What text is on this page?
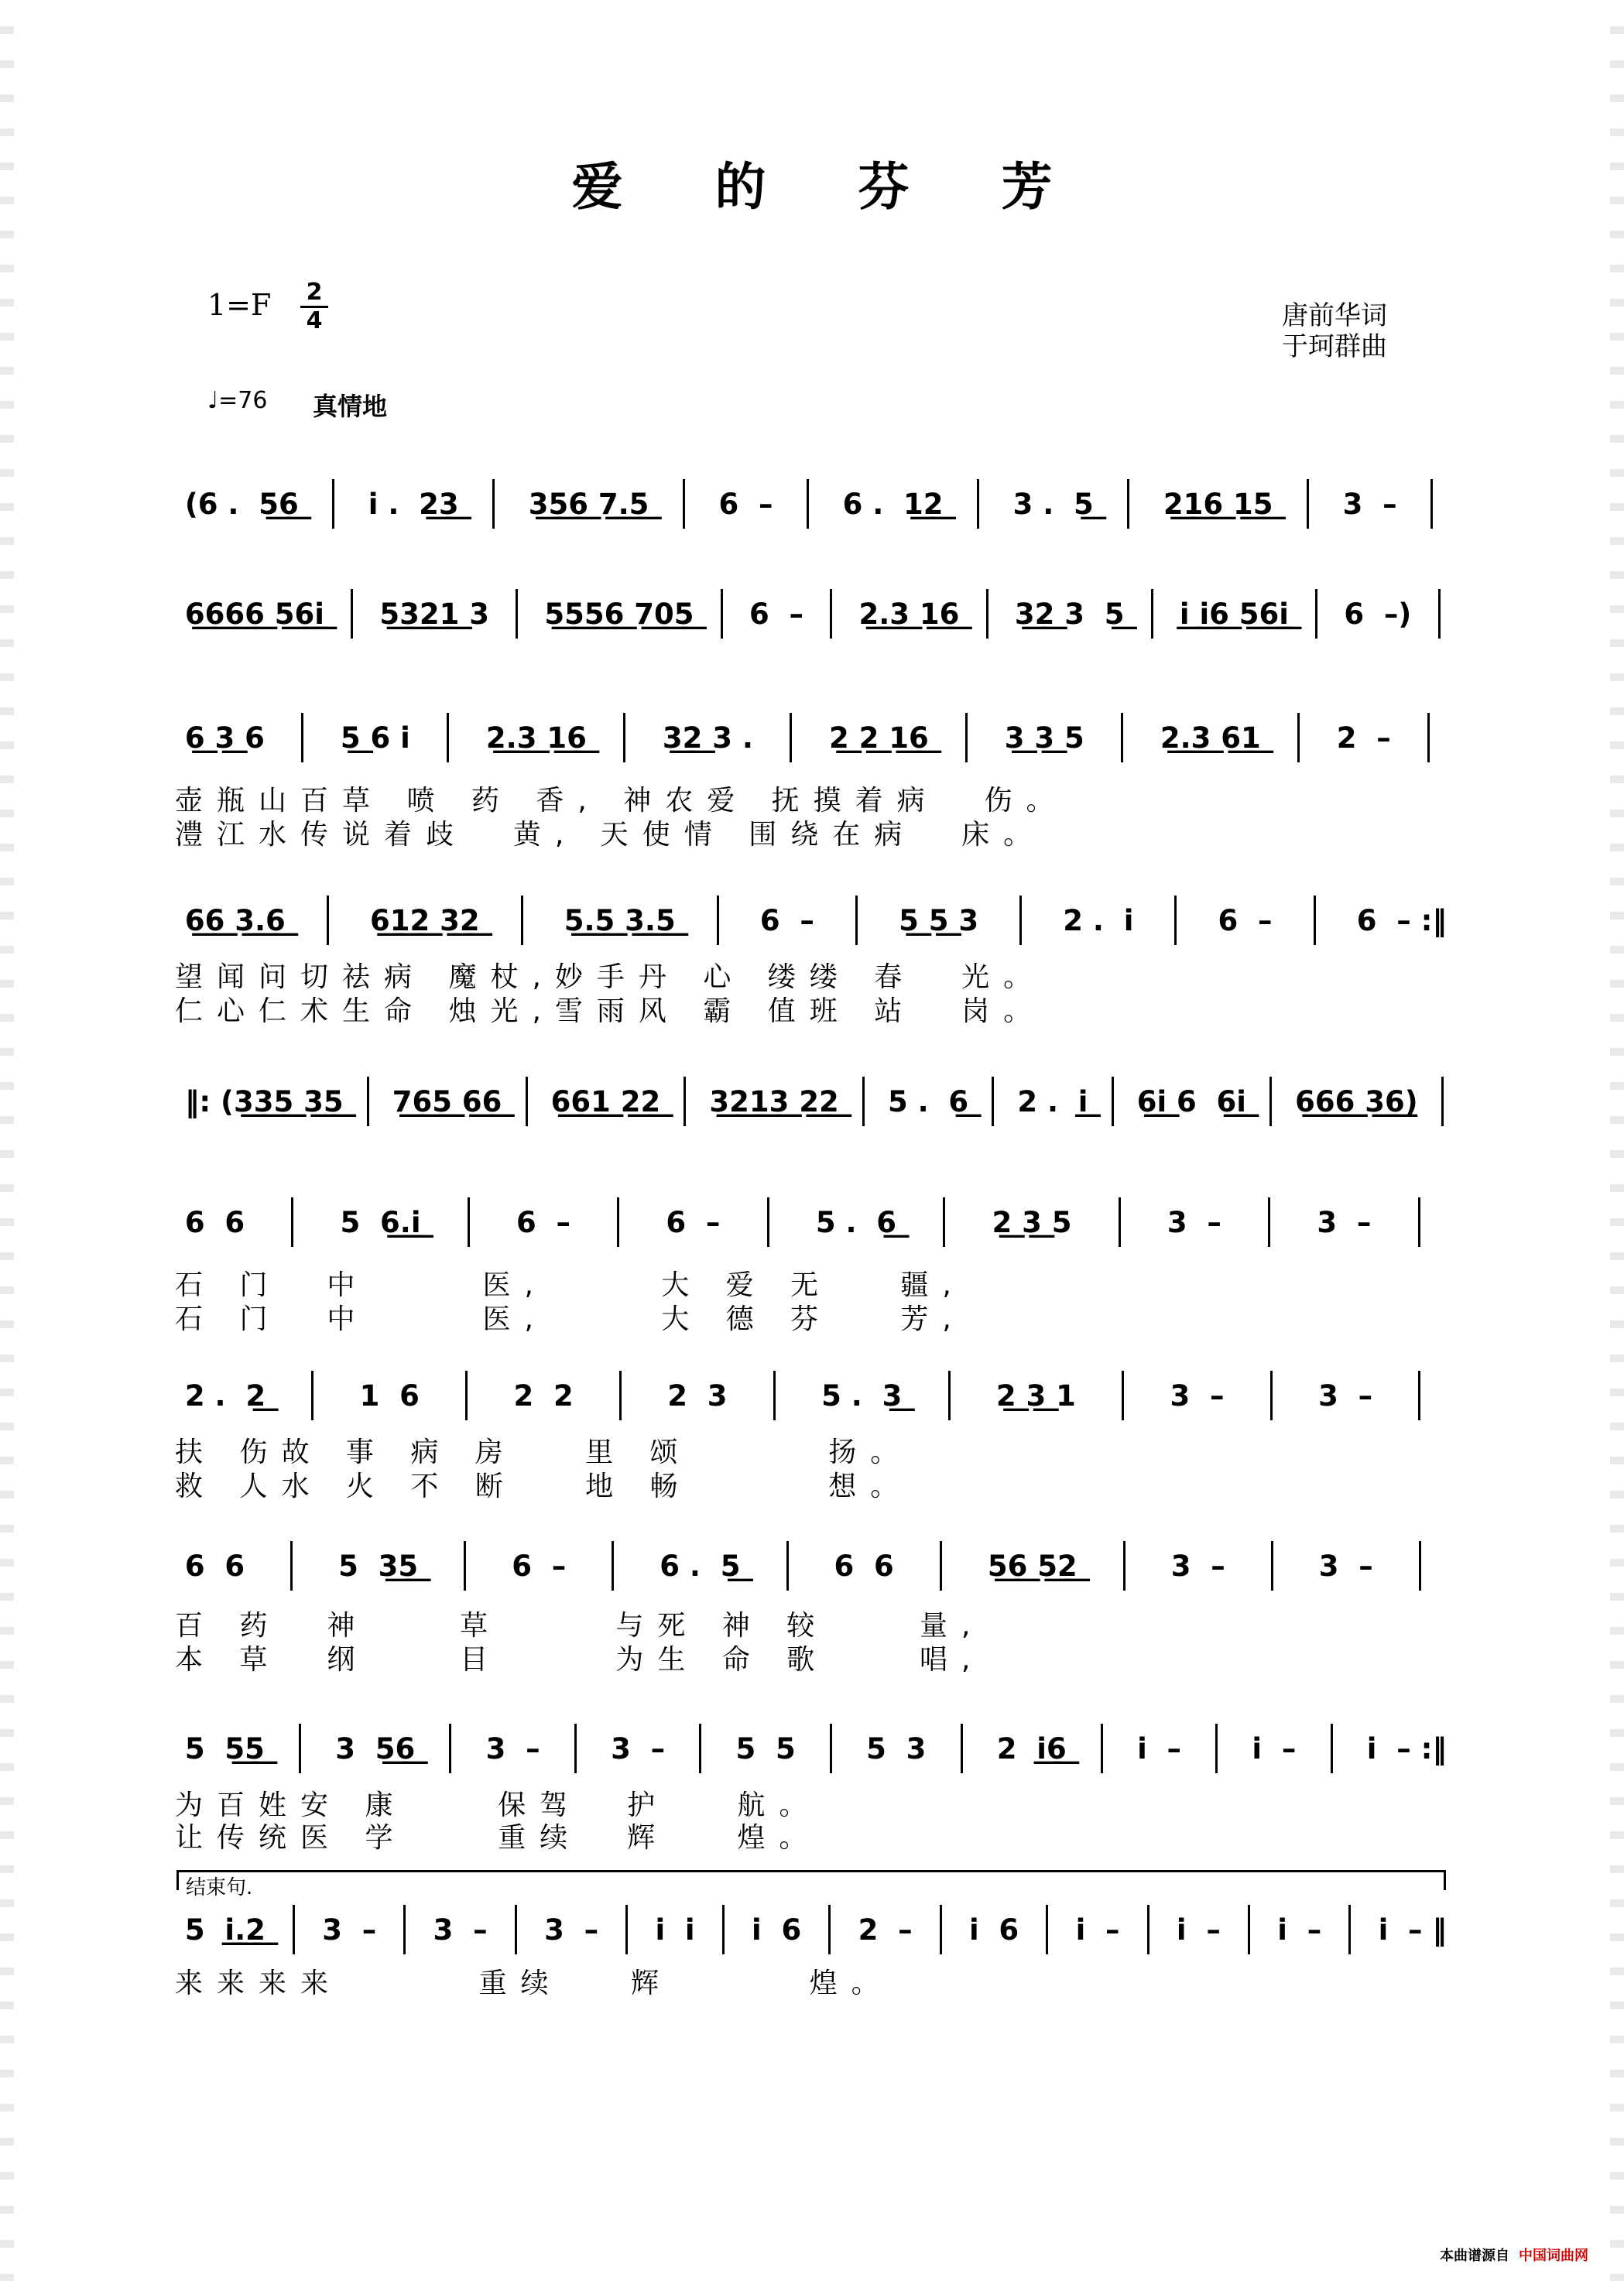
爱 的 芬 芳
1=F 2
4	唐前华词
于珂群曲
♩=76 真情地
(6 .  5͟6͟ i .  2͟3͟ 3͟5͟6͟ 7͟.͟5͟ 6  – 6 .  1͟2͟ 3 .  5͟ 2͟1͟6͟ 1͟5͟ 3  –
6͟6͟6͟6͟ 5͟6͟i͟ 5͟3͟2͟1͟ 3 5͟5͟5͟6͟ 7͟0͟5͟ 6  – 2͟.͟3͟ 1͟6͟ 3͟2͟ 3  5͟ i͟ i͟6͟ 5͟6͟i͟ 6  –)
6͟ 3͟ 6 5͟ 6 i 2͟.͟3͟ 1͟6͟ 3͟2͟ 3 . 2͟ 2͟ 1͟6͟ 3͟ 3͟ 5 2͟.͟3͟ 6͟1͟ 2  –
壶瓶山百草 喷 药 香, 神农爱 抚摸着病  伤。
澧江水传说着歧  黄, 天使情 围绕在病  床。
6͟6͟ 3͟.͟6͟ 6͟1͟2͟ 3͟2͟ 5͟.͟5͟ 3͟.͟5͟ 6  – 5͟ 5͟ 3 2 .  i 6  – 6  – :‖
望闻问切祛病 魔杖,妙手丹 心 缕缕 春  光。
仁心仁术生命 烛光,雪雨风 霸 值班 站  岗。
‖: (3͟3͟5͟ 3͟5͟ 7͟6͟5͟ 6͟6͟ 6͟6͟1͟ 2͟2͟ 3͟2͟1͟3͟ 2͟2͟ 5 .  6͟ 2 .  i͟ 6͟i͟ 6  6͟i͟ 6͟6͟6͟ 3͟6͟)
6  6	5  6͟.͟i͟	6  –	6  –	5 .  6͟	2͟ 3͟ 5	3  –	3  –
石 门  中     医,     大 爱 无   疆,
石 门  中     医,     大 德 芬   芳,
2 .  2͟	1  6	2  2	2  3	5 .  3͟	2͟ 3͟ 1	3  –	3  –
扶 伤故 事 病 房   里 颂      扬。
救 人水 火 不 断   地 畅      想。
6  6	5  3͟5͟	6  –	6 .  5͟	6  6	5͟6͟ 5͟2͟	3  –	3  –
百 药  神    草     与死 神 较    量,
本 草  纲    目     为生 命 歌    唱,
5  5͟5͟ 3  5͟6͟ 3  – 3  – 5  5 5  3 2  i͟6͟ i  – i  – i  – :‖
为百姓安 康    保驾  护   航。
让传统医 学    重续  辉   煌。
结束句.
5  i͟.͟2͟ 3  – 3  – 3  – i  i i  6 2  – i  6 i  – i  – i  – i  – ‖
来来来来      重续   辉      煌。
本曲谱源自 中国词曲网
